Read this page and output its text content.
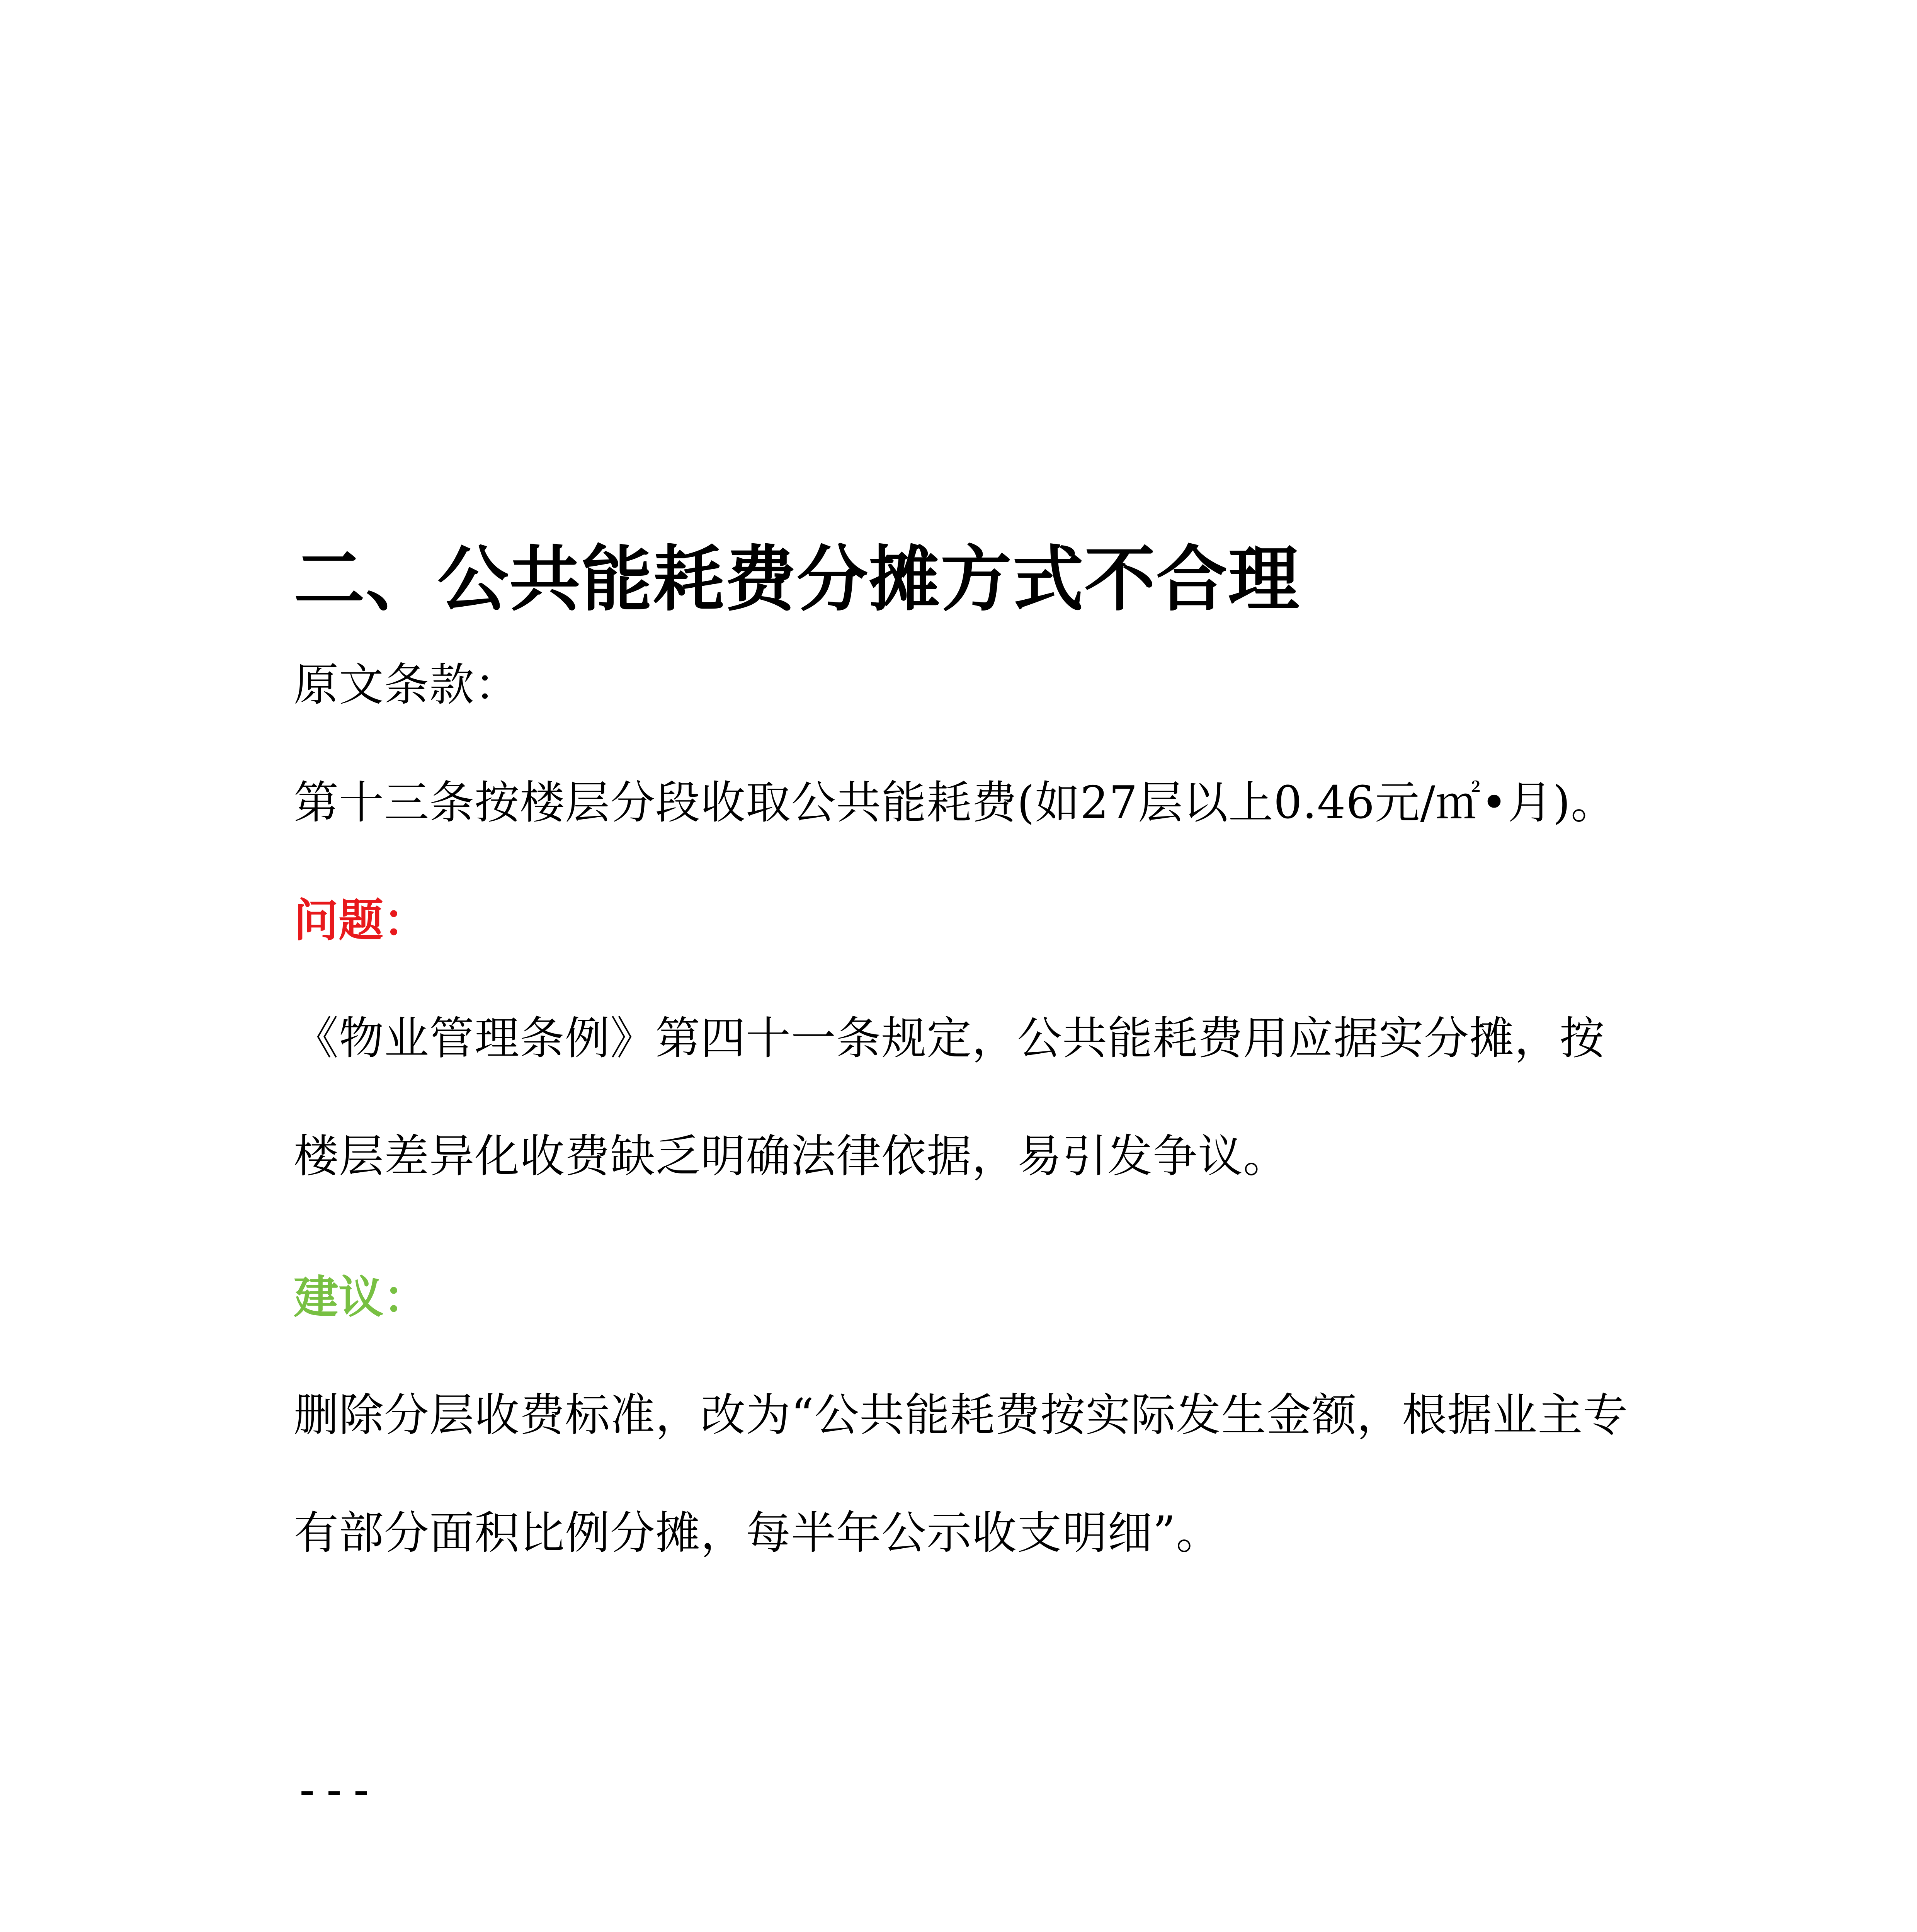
二、公共能耗费分摊方式不合理
原文条款：
第十三条按楼层分段收取公共能耗费(如27层以上0.46元/㎡•月)。
问题：
《物业管理条例》第四十一条规定，公共能耗费用应据实分摊，按楼层差异化收费缺乏明确法律依据，易引发争议。
建议：
删除分层收费标准，改为“公共能耗费按实际发生金额，根据业主专有部分面积比例分摊，每半年公示收支明细”。
---
